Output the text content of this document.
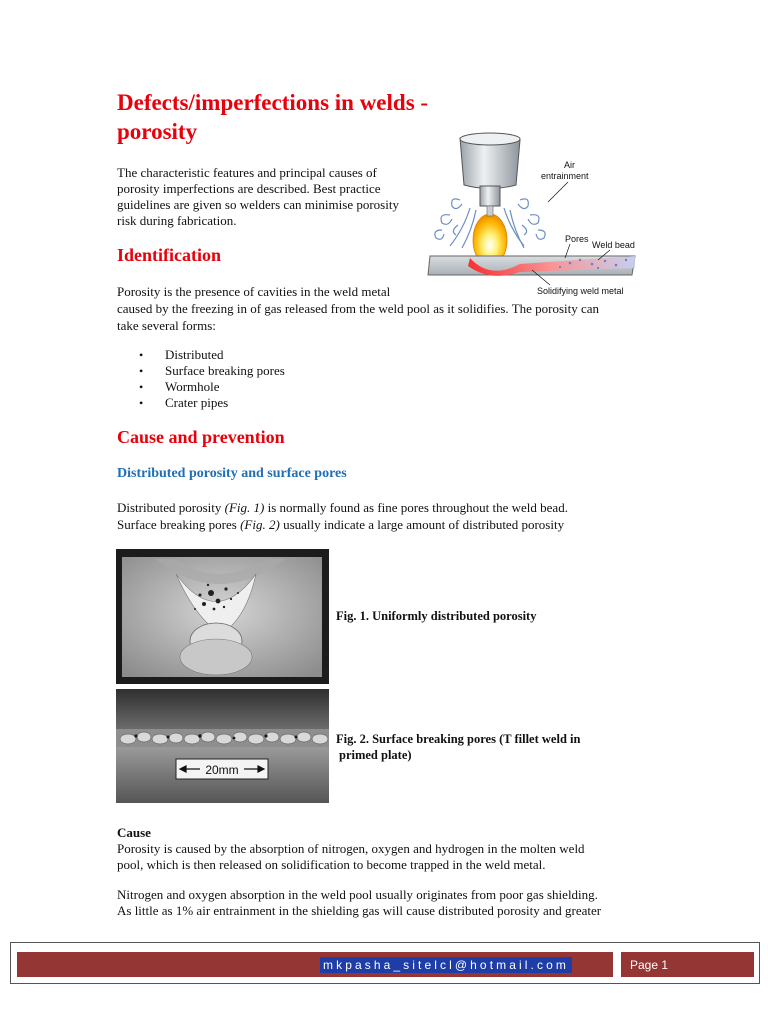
Defects/imperfections in welds - porosity
The characteristic features and principal causes of porosity imperfections are described. Best practice guidelines are given so welders can minimise porosity risk during fabrication.
Air
entrainment
Pores
Weld bead
Solidifying weld metal
Identification
Porosity is the presence of cavities in the weld metal
caused by the freezing in of gas released from the weld pool as it solidifies. The porosity can
take several forms:
• Distributed
• Surface breaking pores
• Wormhole
• Crater pipes
Cause and prevention
Distributed porosity and surface pores
Distributed porosity (Fig. 1) is normally found as fine pores throughout the weld bead.
Surface breaking pores (Fig. 2) usually indicate a large amount of distributed porosity
Fig. 1. Uniformly distributed porosity
20mm
Fig. 2. Surface breaking pores (T fillet weld in
primed plate)
Cause
Porosity is caused by the absorption of nitrogen, oxygen and hydrogen in the molten weld
pool, which is then released on solidification to become trapped in the weld metal.
Nitrogen and oxygen absorption in the weld pool usually originates from poor gas shielding.
As little as 1% air entrainment in the shielding gas will cause distributed porosity and greater
mkpasha_sitelcl@hotmail.com	Page 1
